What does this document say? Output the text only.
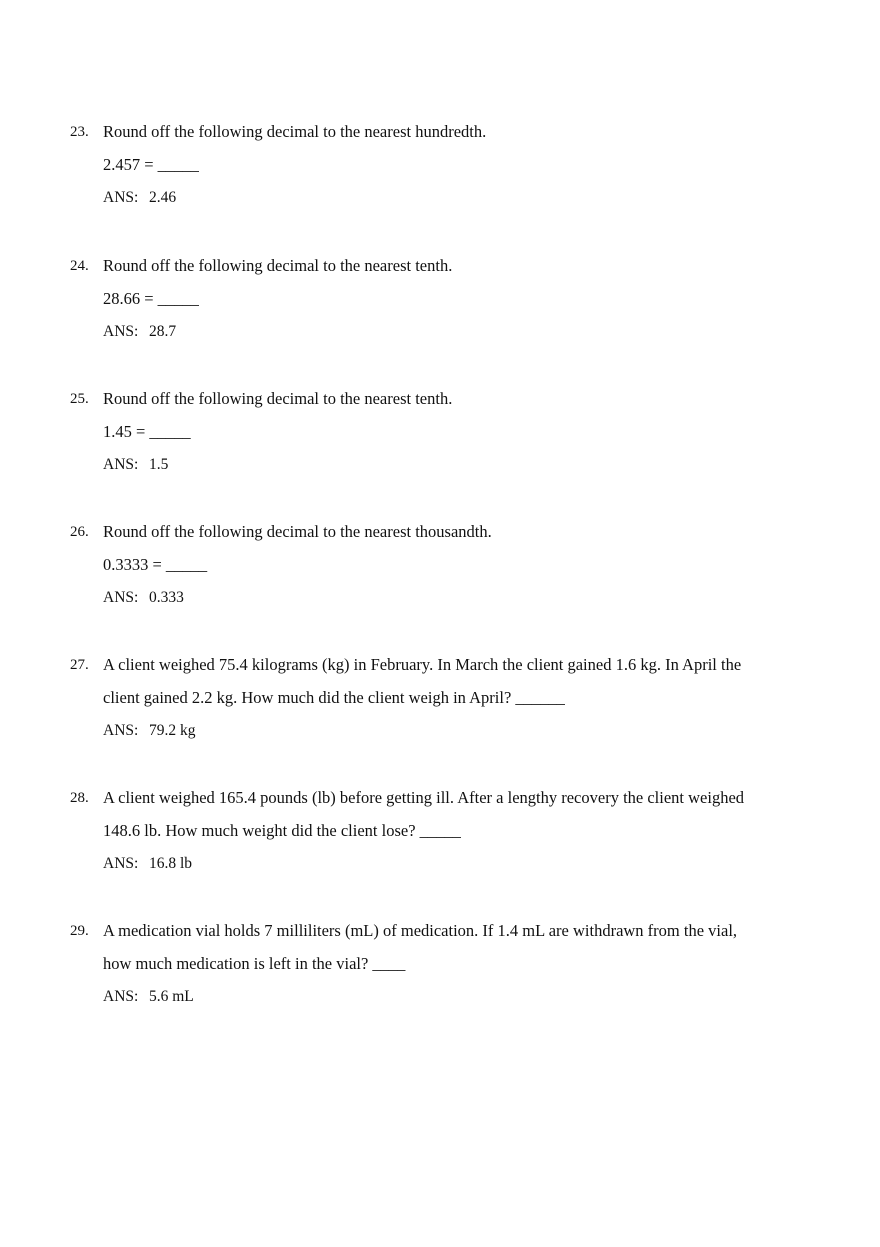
23. Round off the following decimal to the nearest hundredth.
2.457 = _____
ANS: 2.46
24. Round off the following decimal to the nearest tenth.
28.66 = _____
ANS: 28.7
25. Round off the following decimal to the nearest tenth.
1.45 = _____
ANS: 1.5
26. Round off the following decimal to the nearest thousandth.
0.3333 = _____
ANS: 0.333
27. A client weighed 75.4 kilograms (kg) in February. In March the client gained 1.6 kg. In April the
client gained 2.2 kg. How much did the client weigh in April? ______
ANS: 79.2 kg
28. A client weighed 165.4 pounds (lb) before getting ill. After a lengthy recovery the client weighed
148.6 lb. How much weight did the client lose? _____
ANS: 16.8 lb
29. A medication vial holds 7 milliliters (mL) of medication. If 1.4 mL are withdrawn from the vial,
how much medication is left in the vial? ____
ANS: 5.6 mL
